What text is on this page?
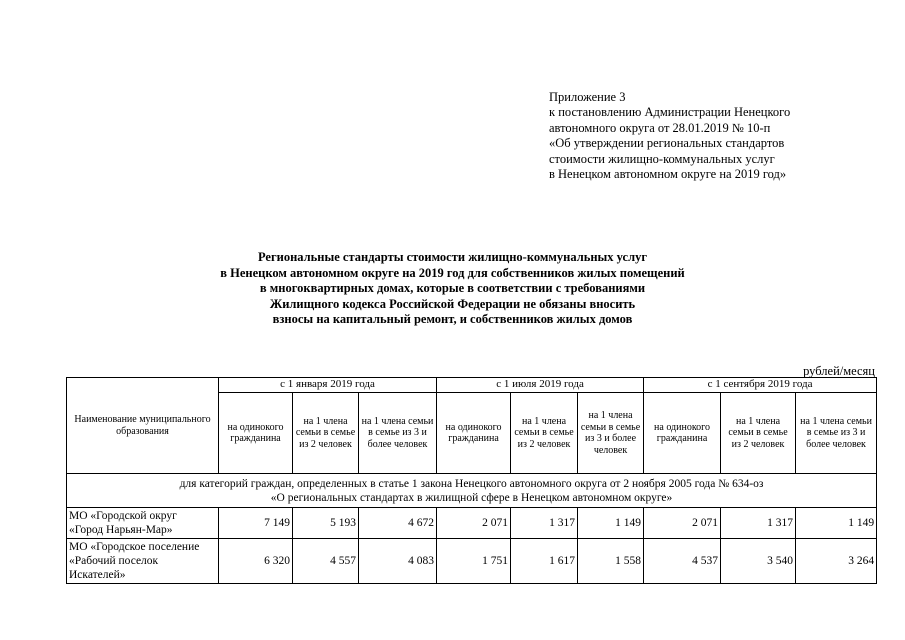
Приложение 3
к постановлению Администрации Ненецкого
автономного округа от 28.01.2019 № 10-п
«Об утверждении региональных стандартов
стоимости жилищно-коммунальных услуг
в Ненецком автономном округе на 2019 год»
Региональные стандарты стоимости жилищно-коммунальных услуг
в Ненецком автономном округе на 2019 год для собственников жилых помещений
в многоквартирных домах, которые в соответствии с требованиями
Жилищного кодекса Российской Федерации не обязаны вносить
взносы на капитальный ремонт, и собственников жилых домов
рублей/месяц
Наименование муниципального образования	с 1 января 2019 года			с 1 июля 2019 года			с 1 сентября 2019 года		
	на одинокого гражданина	на 1 члена семьи в семье из 2 человек	на 1 члена семьи в семье из 3 и более человек	на одинокого гражданина	на 1 члена семьи в семье из 2 человек	на 1 члена семьи в семье из 3 и более человек	на одинокого гражданина	на 1 члена семьи в семье из 2 человек	на 1 члена семьи в семье из 3 и более человек

для категорий граждан, определенных в статье 1 закона Ненецкого автономного округа от 2 ноября 2005 года № 634-оз
«О региональных стандартах в жилищной сфере в Ненецком автономном округе»									

МО «Городской округ
«Город Нарьян-Мар»	7 149	5 193	4 672	2 071	1 317	1 149	2 071	1 317	1 149

МО «Городское поселение
«Рабочий поселок
Искателей»	6 320	4 557	4 083	1 751	1 617	1 558	4 537	3 540	3 264
